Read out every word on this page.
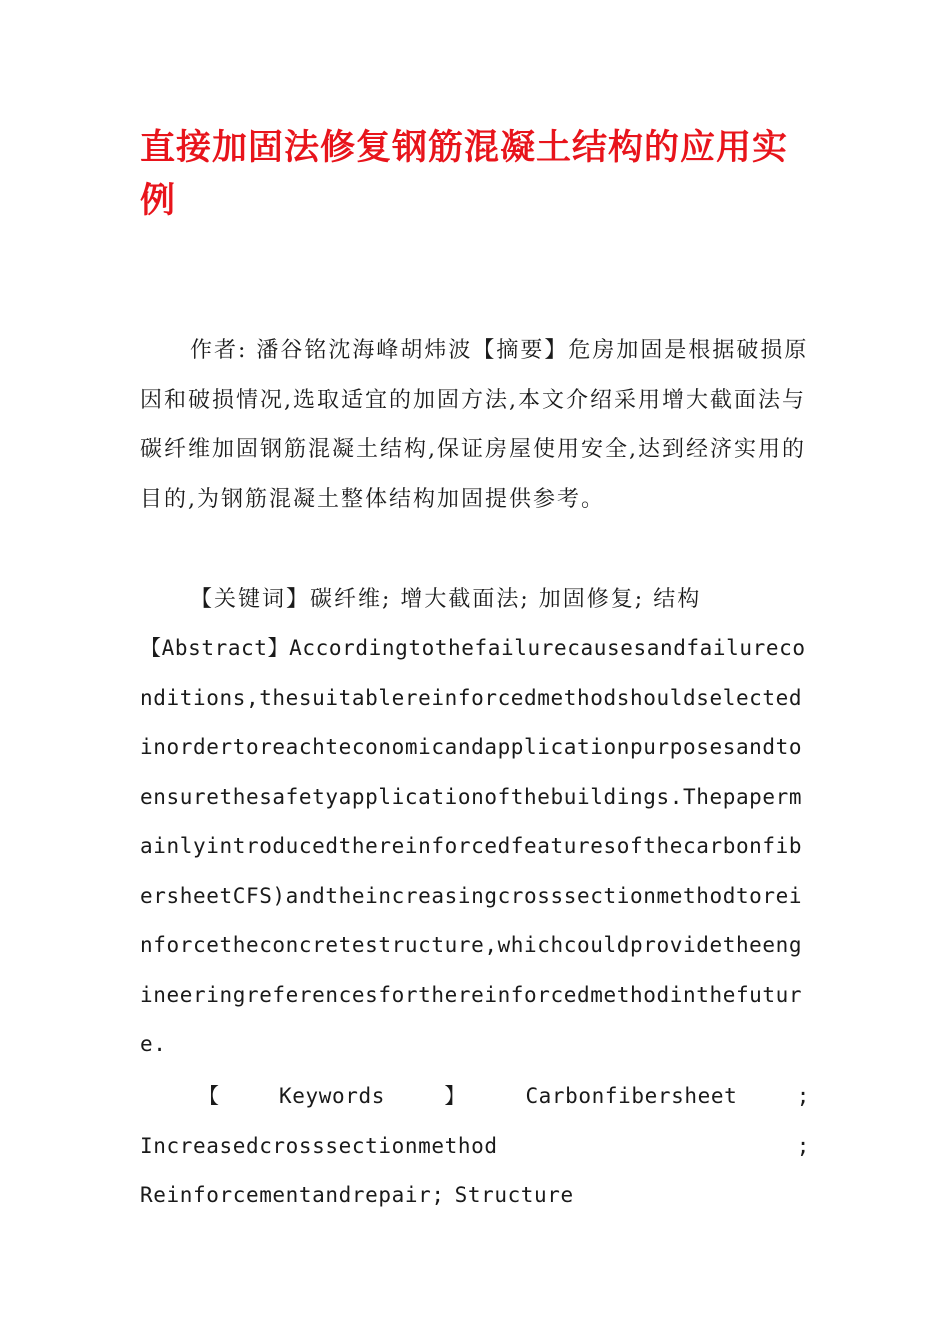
直接加固法修复钢筋混凝土结构的应用实例

作者: 潘谷铭沈海峰胡炜波【摘要】危房加固是根据破损原因和破损情况,选取适宜的加固方法,本文介绍采用增大截面法与碳纤维加固钢筋混凝土结构,保证房屋使用安全,达到经济实用的目的,为钢筋混凝土整体结构加固提供参考。

【关键词】碳纤维; 增大截面法; 加固修复; 结构

【Abstract】Accordingtothefailurecausesandfailureconditions,thesuitablereinforcedmethodshouldselectedinordertoreachteconomicandapplicationpurposesandtoensurethesafetyapplicationofthebuildings.ThepapermainlyintroducedthereinforcedfeaturesofthecarbonfibersheetCFS)andtheincreasingcrosssectionmethodtoreinforcetheconcretestructure,whichcouldprovidetheengineeringreferencesforthereinforcedmethodinthefuture.

【	Keywords	】	Carbonfibersheet	;
Increasedcrosssectionmethod	;
Reinforcementandrepair; Structure
